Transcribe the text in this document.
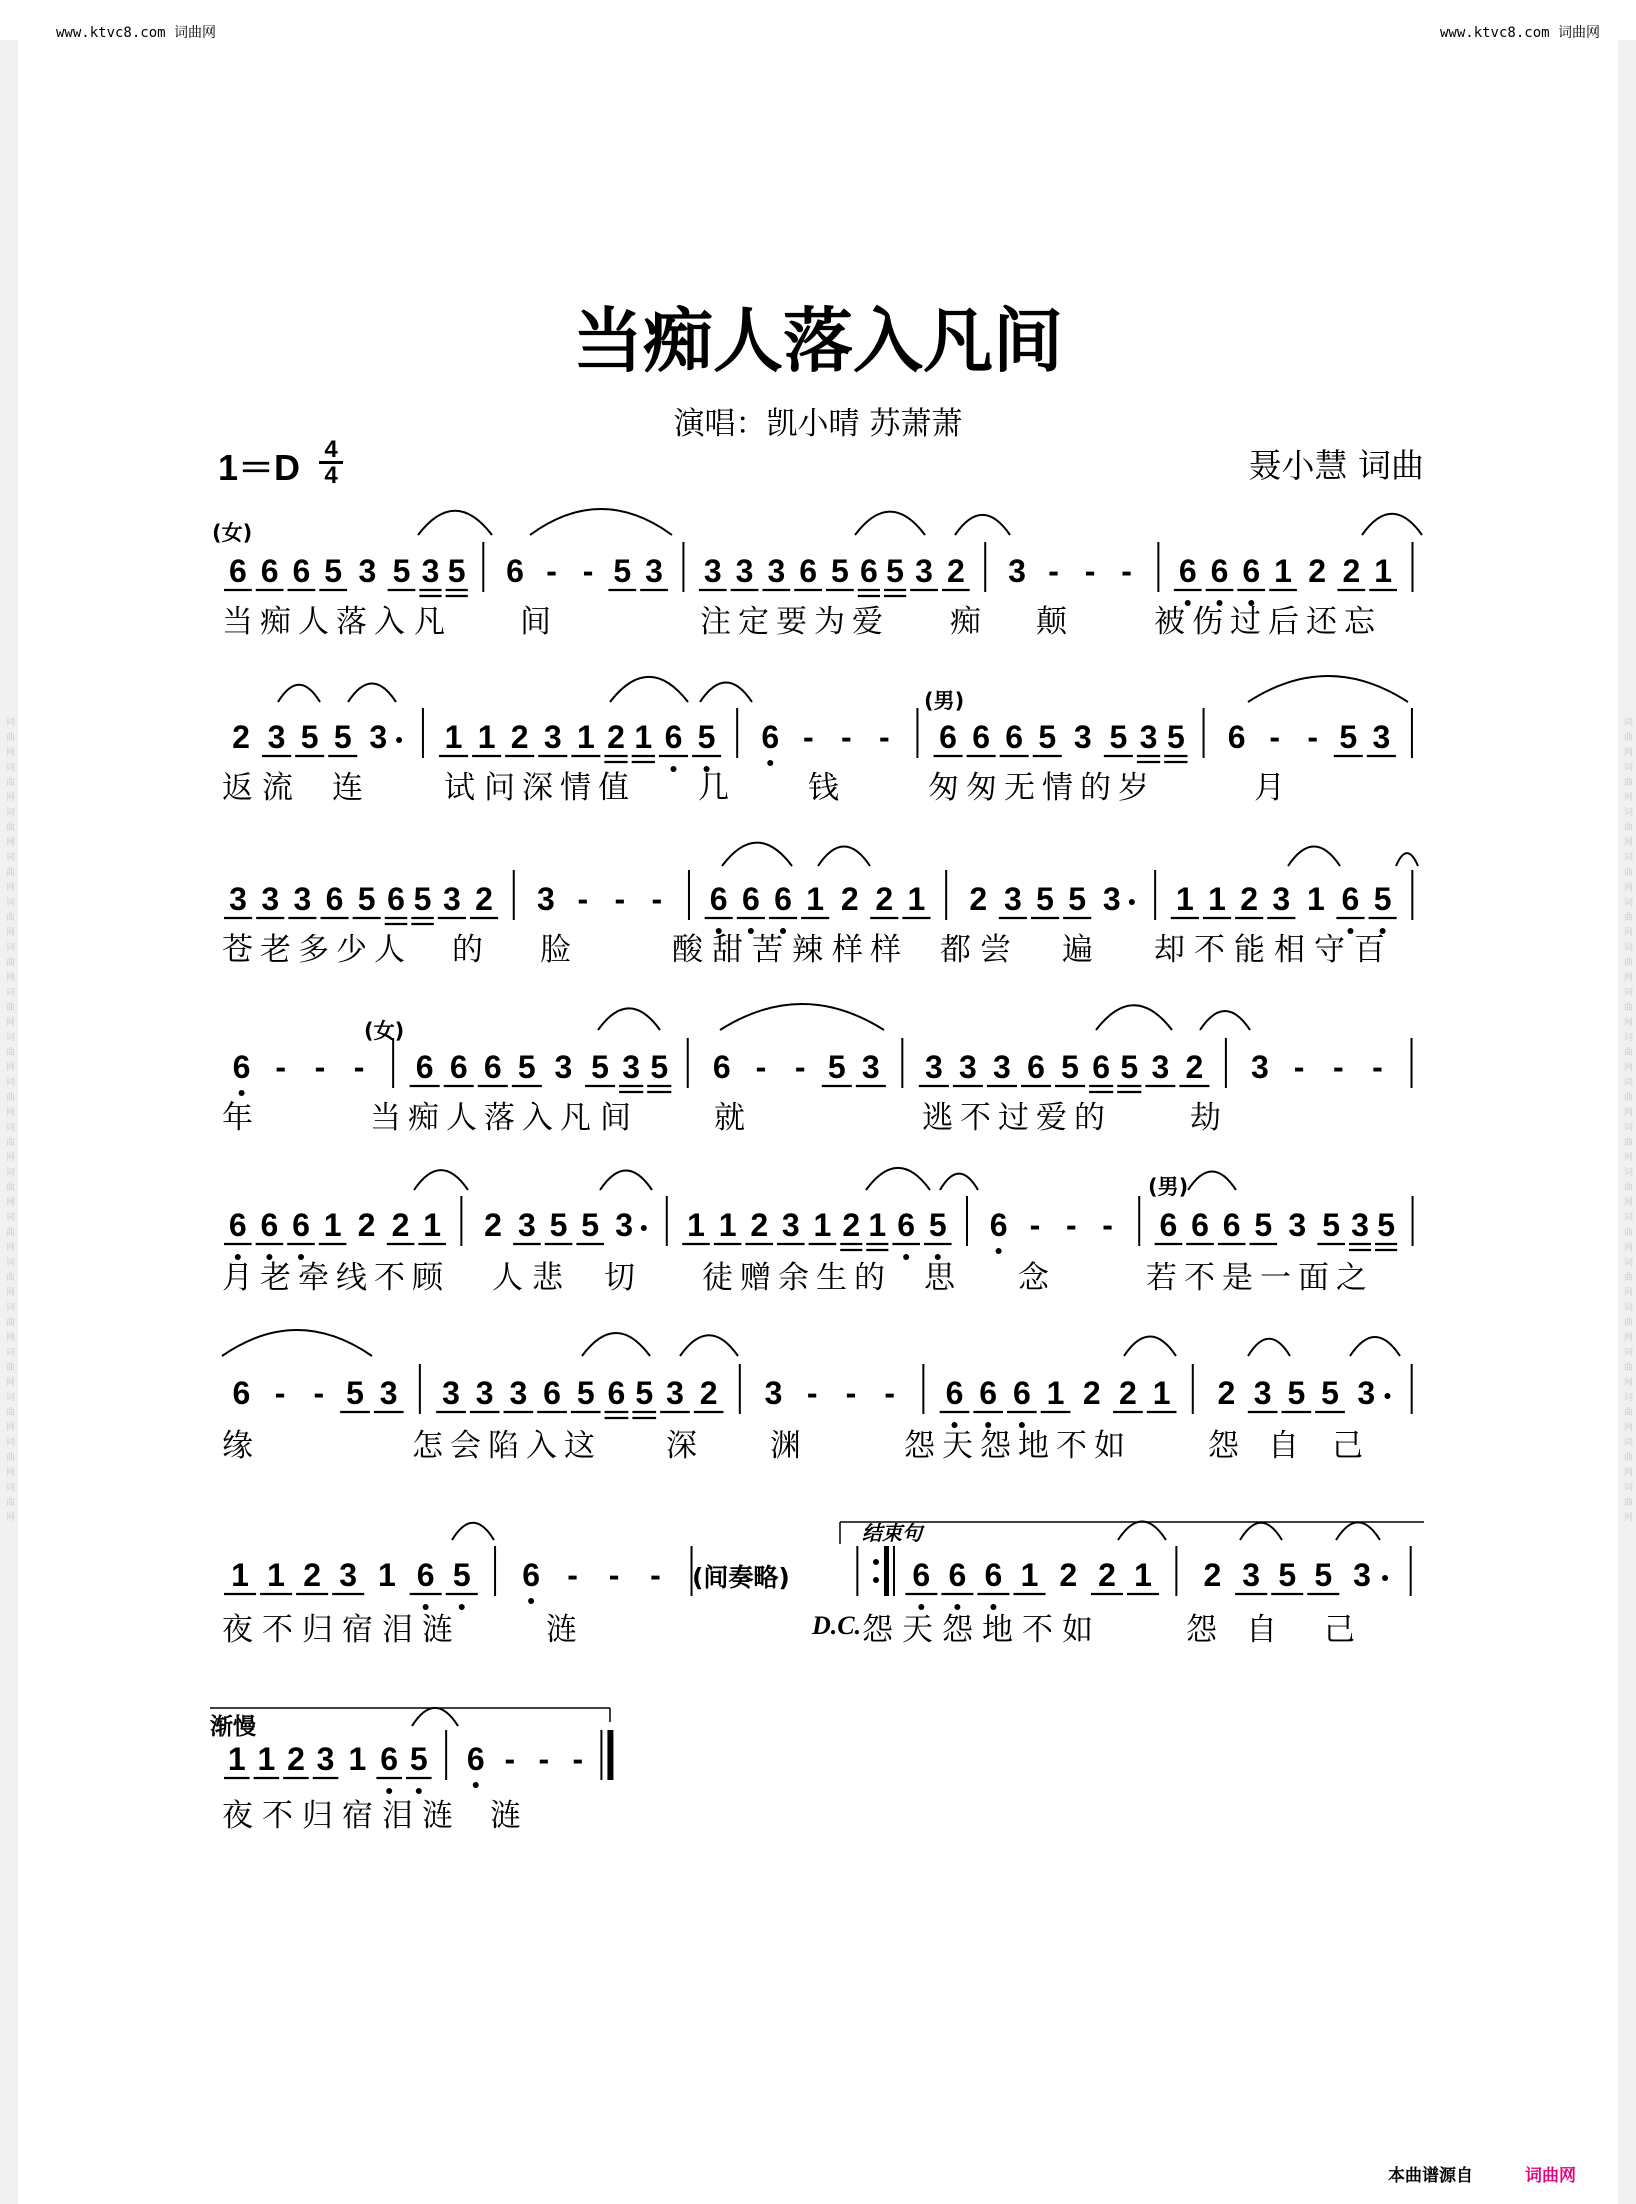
词曲网词曲网词曲网词曲网词曲网词曲网词曲网词曲网词曲网词曲网词曲网词曲网词曲网词曲网词曲网词曲网词曲网词曲网	词曲网词曲网词曲网词曲网词曲网词曲网词曲网词曲网词曲网词曲网词曲网词曲网词曲网词曲网词曲网词曲网词曲网词曲网
www.ktvc8.com 词曲网	www.ktvc8.com 词曲网
当痴人落入凡间
演唱：凯小晴 苏萧萧
1＝D	4
4	聂小慧 词曲
6 6 6 5 3 5 3 5 6 - - 5 3 3 3 3 6 5 6 5 3 2 3 - - - 6 6 6 1 2 2 1
2 3 5 5 3 1 1 2 3 1 2 1 6 5 6 - - - 6 6 6 5 3 5 3 5 6 - - 5 3
3 3 3 6 5 6 5 3 2 3 - - - 6 6 6 1 2 2 1 2 3 5 5 3 1 1 2 3 1 6 5
6 - - - 6 6 6 5 3 5 3 5 6 - - 5 3 3 3 3 6 5 6 5 3 2 3 - - -
6 6 6 1 2 2 1 2 3 5 5 3 1 1 2 3 1 2 1 6 5 6 - - - 6 6 6 5 3 5 3 5
6 - - 5 3 3 3 3 6 5 6 5 3 2 3 - - - 6 6 6 1 2 2 1 2 3 5 5 3
1 1 2 3 1 6 5 6 - - -	6 6 6 1 2 2 1 2 3 5 5 3
1 1 2 3 1 6 5 6 - - -
当 痴 人 落 入 凡 间	注 定 要 为 爱 痴 颠	被 伤 过 后 还 忘
返 流 连	试 问 深 情 值 几	钱	匆 匆 无 情 的 岁	月
苍 老 多 少 人 的 脸	酸 甜 苦 辣 样 样 都 尝 遍 却 不 能 相 守 百
年	当 痴 人 落 入 凡 间	就	逃 不 过 爱 的	劫
月 老 牵 线 不 顾 人 悲 切 徒 赠 余 生 的 思 念	若 不 是 一 面 之
缘	怎 会 陷 入 这 深 渊	怨 天 怨 地 不 如	怨 自 己
夜 不 归 宿 泪 涟	涟	怨 天 怨 地 不 如	怨 自 己
夜 不 归 宿 泪 涟 涟
(女)
(男)
(女)
(男)
(间奏略)
结束句
D.C.
渐慢
本曲谱源自	词曲网
